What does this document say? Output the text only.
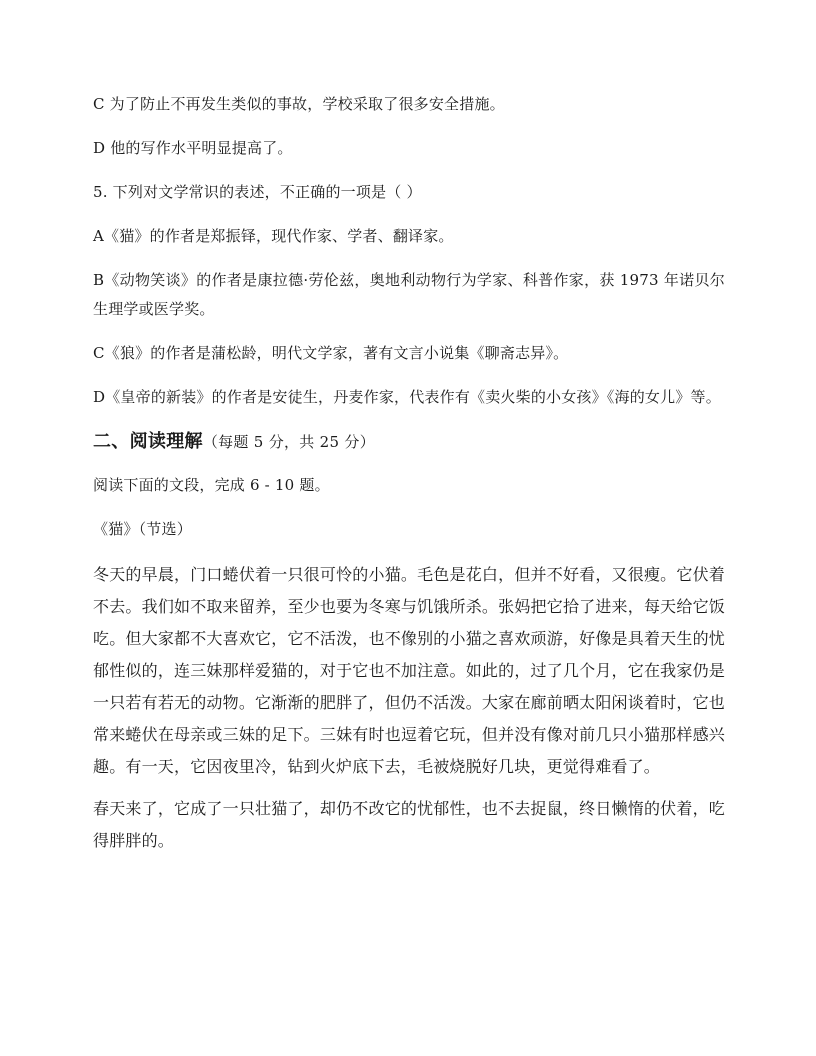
C 为了防止不再发生类似的事故，学校采取了很多安全措施。

D 他的写作水平明显提高了。

5. 下列对文学常识的表述，不正确的一项是（ ）

A《猫》的作者是郑振铎，现代作家、学者、翻译家。

B《动物笑谈》的作者是康拉德·劳伦兹，奥地利动物行为学家、科普作家，获 1973 年诺贝尔生理学或医学奖。

C《狼》的作者是蒲松龄，明代文学家，著有文言小说集《聊斋志异》。

D《皇帝的新装》的作者是安徒生，丹麦作家，代表作有《卖火柴的小女孩》《海的女儿》等。

二、阅读理解（每题 5 分，共 25 分）

阅读下面的文段，完成 6 - 10 题。

《猫》（节选）

冬天的早晨，门口蜷伏着一只很可怜的小猫。毛色是花白，但并不好看，又很瘦。它伏着不去。我们如不取来留养，至少也要为冬寒与饥饿所杀。张妈把它拾了进来，每天给它饭吃。但大家都不大喜欢它，它不活泼，也不像别的小猫之喜欢顽游，好像是具着天生的忧郁性似的，连三妹那样爱猫的，对于它也不加注意。如此的，过了几个月，它在我家仍是一只若有若无的动物。它渐渐的肥胖了，但仍不活泼。大家在廊前晒太阳闲谈着时，它也常来蜷伏在母亲或三妹的足下。三妹有时也逗着它玩，但并没有像对前几只小猫那样感兴趣。有一天，它因夜里冷，钻到火炉底下去，毛被烧脱好几块，更觉得难看了。

春天来了，它成了一只壮猫了，却仍不改它的忧郁性，也不去捉鼠，终日懒惰的伏着，吃得胖胖的。
